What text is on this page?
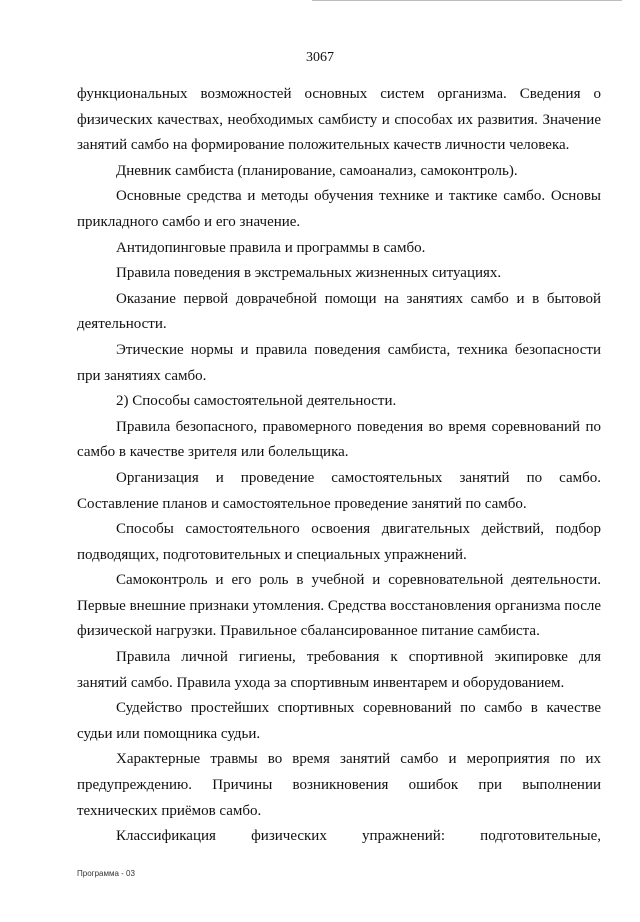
3067

функциональных возможностей основных систем организма. Сведения о физических качествах, необходимых самбисту и способах их развития. Значение занятий самбо на формирование положительных качеств личности человека.

Дневник самбиста (планирование, самоанализ, самоконтроль).

Основные средства и методы обучения технике и тактике самбо. Основы прикладного самбо и его значение.

Антидопинговые правила и программы в самбо.

Правила поведения в экстремальных жизненных ситуациях.

Оказание первой доврачебной помощи на занятиях самбо и в бытовой деятельности.

Этические нормы и правила поведения самбиста, техника безопасности при занятиях самбо.

2) Способы самостоятельной деятельности.

Правила безопасного, правомерного поведения во время соревнований по самбо в качестве зрителя или болельщика.

Организация и проведение самостоятельных занятий по самбо. Составление планов и самостоятельное проведение занятий по самбо.

Способы самостоятельного освоения двигательных действий, подбор подводящих, подготовительных и специальных упражнений.

Самоконтроль и его роль в учебной и соревновательной деятельности. Первые внешние признаки утомления. Средства восстановления организма после физической нагрузки. Правильное сбалансированное питание самбиста.

Правила личной гигиены, требования к спортивной экипировке для занятий самбо. Правила ухода за спортивным инвентарем и оборудованием.

Судейство простейших спортивных соревнований по самбо в качестве судьи или помощника судьи.

Характерные травмы во время занятий самбо и мероприятия по их предупреждению. Причины возникновения ошибок при выполнении технических приёмов самбо.

Классификация физических упражнений: подготовительные,

Программа - 03
